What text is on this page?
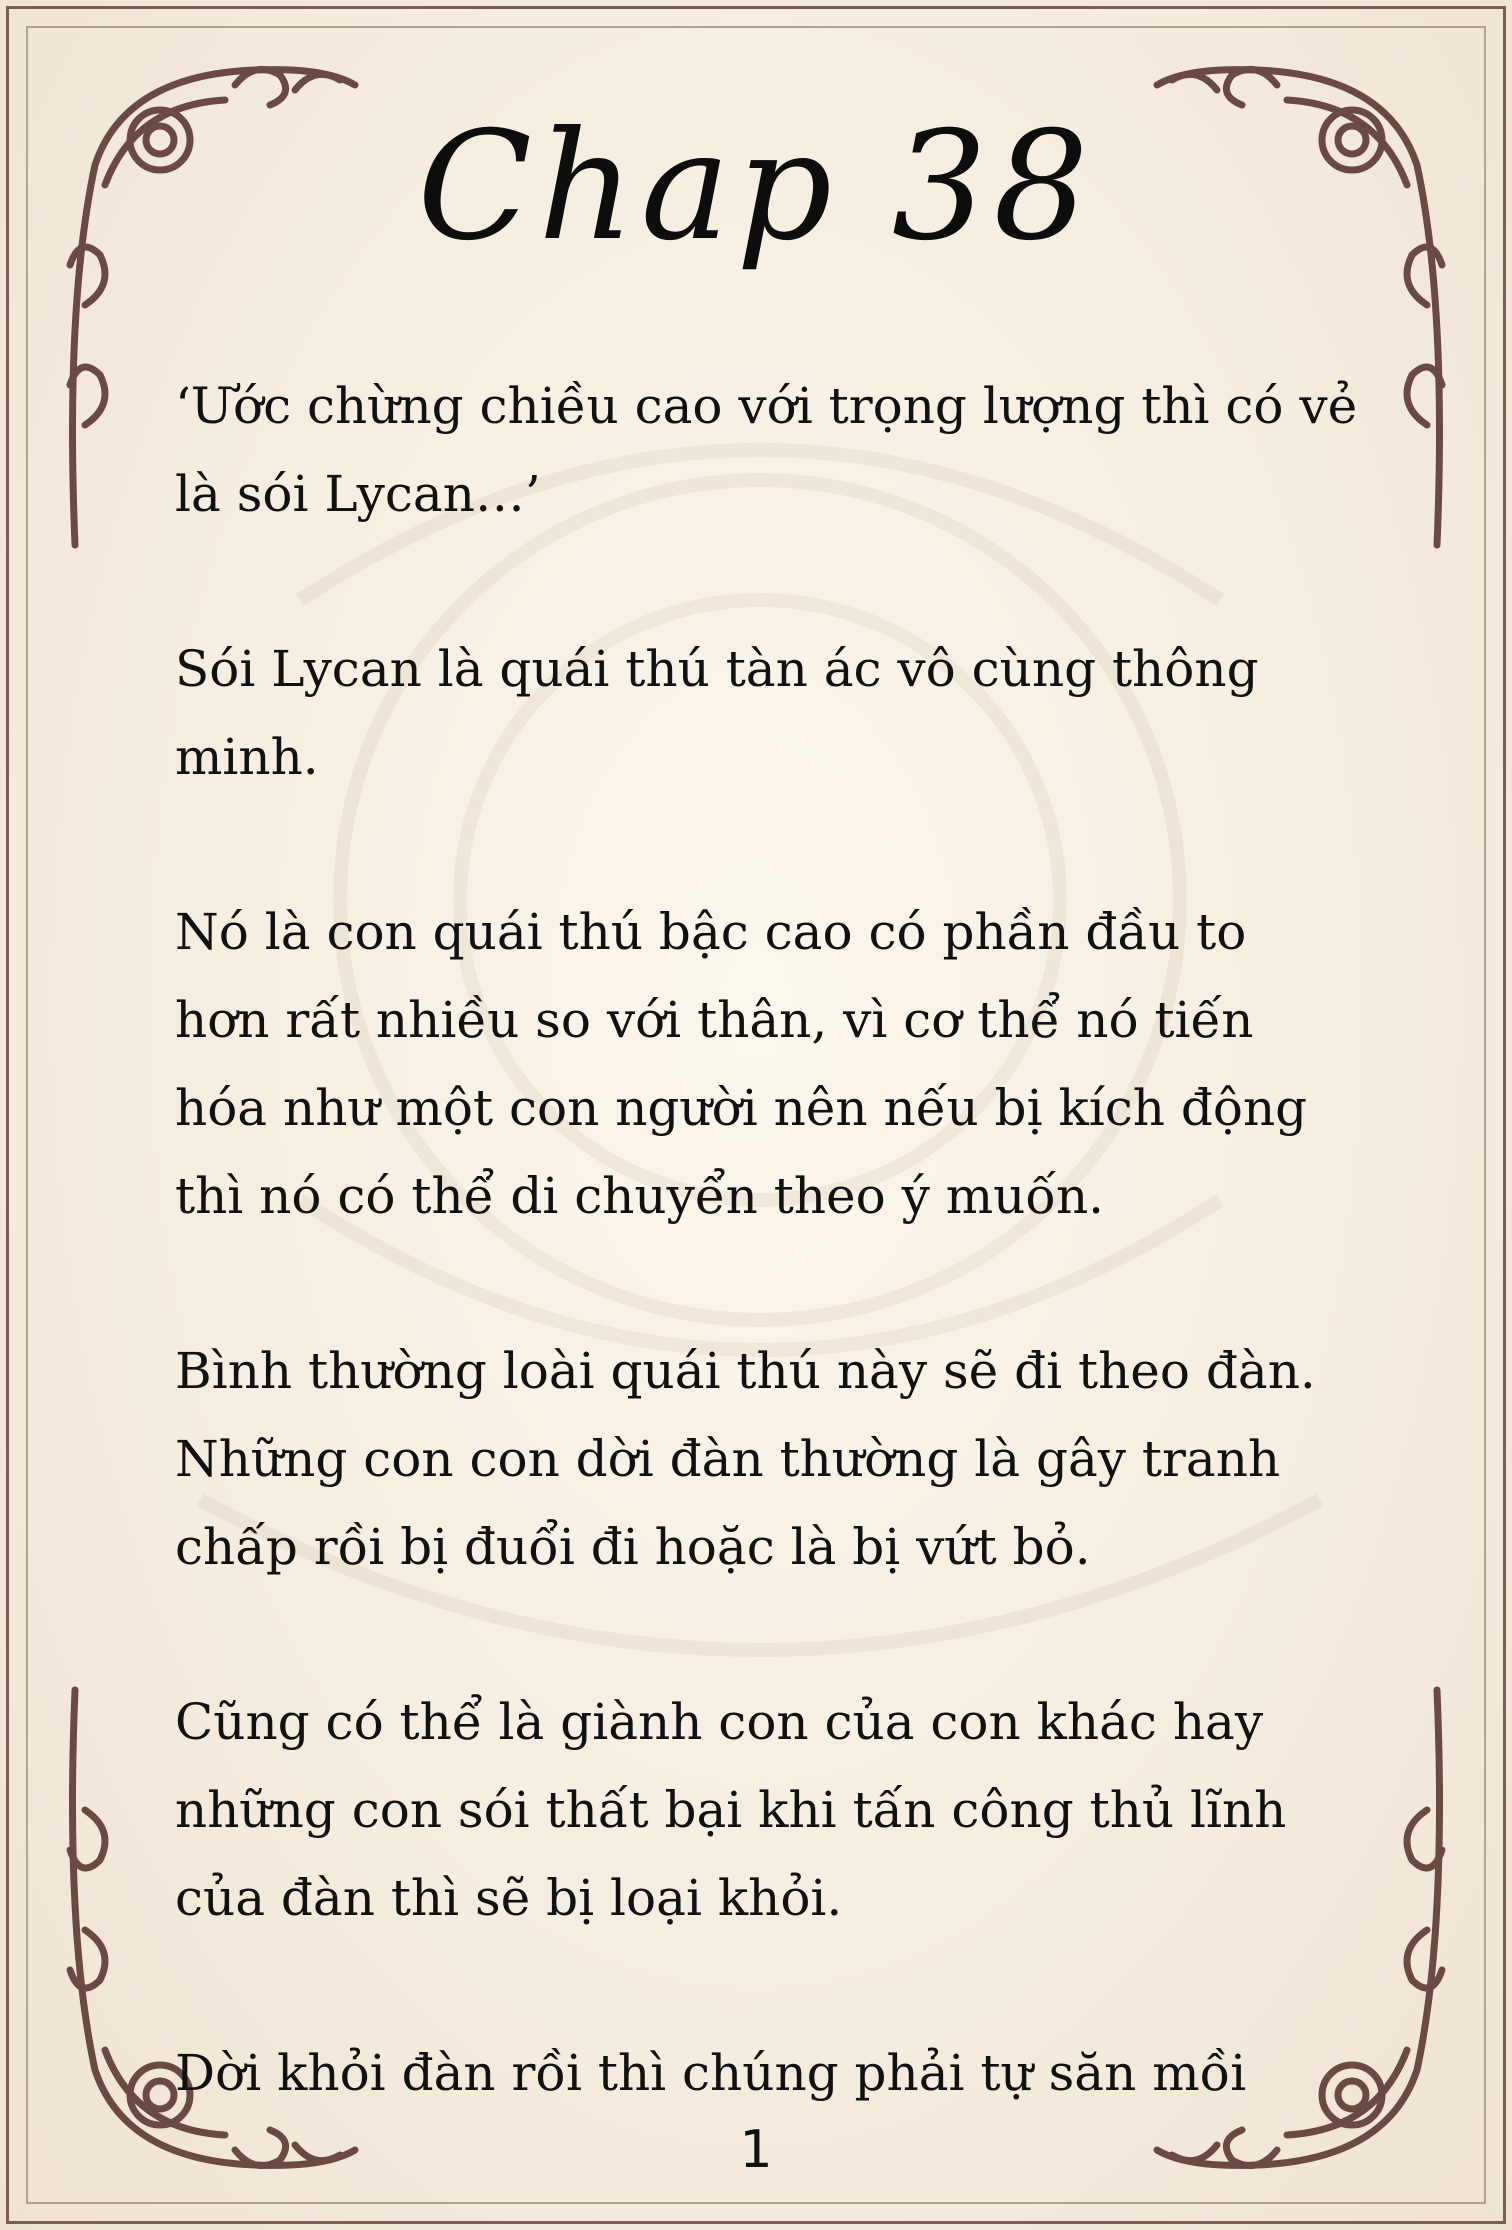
Chap 38

‘Ước chừng chiều cao với trọng lượng thì có vẻ
là sói Lycan…’

Sói Lycan là quái thú tàn ác vô cùng thông
minh.

Nó là con quái thú bậc cao có phần đầu to
hơn rất nhiều so với thân, vì cơ thể nó tiến
hóa như một con người nên nếu bị kích động
thì nó có thể di chuyển theo ý muốn.

Bình thường loài quái thú này sẽ đi theo đàn.
Những con con dời đàn thường là gây tranh
chấp rồi bị đuổi đi hoặc là bị vứt bỏ.

Cũng có thể là giành con của con khác hay
những con sói thất bại khi tấn công thủ lĩnh
của đàn thì sẽ bị loại khỏi.

Dời khỏi đàn rồi thì chúng phải tự săn mồi

1
